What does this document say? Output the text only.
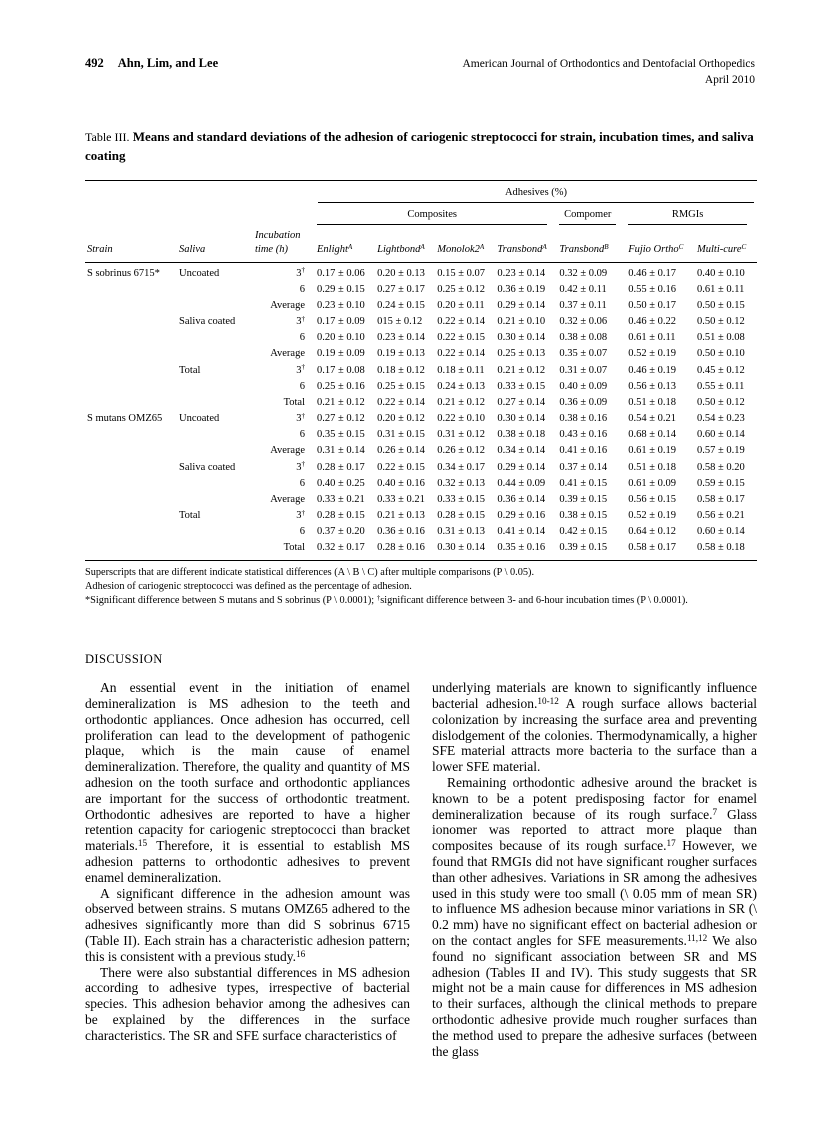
492 Ahn, Lim, and Lee	American Journal of Orthodontics and Dentofacial Orthopedics
April 2010
Table III. Means and standard deviations of the adhesion of cariogenic streptococci for strain, incubation times, and saliva coating

			Adhesives (%)						

			Composites				Compomer	RMGIs	

Strain	Saliva	Incubation time (h)	Enlight$^A$	Lightbond$^A$	$Monolok2^A$	Transbond$^A$	Transbond$^B$	Fujio Ortho$^C$	Multi-cure$^C$
S sobrinus 6715*	Uncoated	3†	0.17 ± 0.06	0.20 ± 0.13	0.15 ± 0.07	0.23 ± 0.14	0.32 ± 0.09	0.46 ± 0.17	0.40 ± 0.10
		6	0.29 ± 0.15	0.27 ± 0.17	0.25 ± 0.12	0.36 ± 0.19	0.42 ± 0.11	0.55 ± 0.16	0.61 ± 0.11
		Average	0.23 ± 0.10	0.24 ± 0.15	0.20 ± 0.11	0.29 ± 0.14	0.37 ± 0.11	0.50 ± 0.17	0.50 ± 0.15
	Saliva coated	3†	0.17 ± 0.09	015 ± 0.12	0.22 ± 0.14	0.21 ± 0.10	0.32 ± 0.06	0.46 ± 0.22	0.50 ± 0.12
		6	0.20 ± 0.10	0.23 ± 0.14	0.22 ± 0.15	0.30 ± 0.14	0.38 ± 0.08	0.61 ± 0.11	0.51 ± 0.08
		Average	0.19 ± 0.09	0.19 ± 0.13	0.22 ± 0.14	0.25 ± 0.13	0.35 ± 0.07	0.52 ± 0.19	0.50 ± 0.10
	Total	3†	0.17 ± 0.08	0.18 ± 0.12	0.18 ± 0.11	0.21 ± 0.12	0.31 ± 0.07	0.46 ± 0.19	0.45 ± 0.12
		6	0.25 ± 0.16	0.25 ± 0.15	0.24 ± 0.13	0.33 ± 0.15	0.40 ± 0.09	0.56 ± 0.13	0.55 ± 0.11
		Total	0.21 ± 0.12	0.22 ± 0.14	0.21 ± 0.12	0.27 ± 0.14	0.36 ± 0.09	0.51 ± 0.18	0.50 ± 0.12
S mutans OMZ65	Uncoated	3†	0.27 ± 0.12	0.20 ± 0.12	0.22 ± 0.10	0.30 ± 0.14	0.38 ± 0.16	0.54 ± 0.21	0.54 ± 0.23
		6	0.35 ± 0.15	0.31 ± 0.15	0.31 ± 0.12	0.38 ± 0.18	0.43 ± 0.16	0.68 ± 0.14	0.60 ± 0.14
		Average	0.31 ± 0.14	0.26 ± 0.14	0.26 ± 0.12	0.34 ± 0.14	0.41 ± 0.16	0.61 ± 0.19	0.57 ± 0.19
	Saliva coated	3†	0.28 ± 0.17	0.22 ± 0.15	0.34 ± 0.17	0.29 ± 0.14	0.37 ± 0.14	0.51 ± 0.18	0.58 ± 0.20
		6	0.40 ± 0.25	0.40 ± 0.16	0.32 ± 0.13	0.44 ± 0.09	0.41 ± 0.15	0.61 ± 0.09	0.59 ± 0.15
		Average	0.33 ± 0.21	0.33 ± 0.21	0.33 ± 0.15	0.36 ± 0.14	0.39 ± 0.15	0.56 ± 0.15	0.58 ± 0.17
	Total	3†	0.28 ± 0.15	0.21 ± 0.13	0.28 ± 0.15	0.29 ± 0.16	0.38 ± 0.15	0.52 ± 0.19	0.56 ± 0.21
		6	0.37 ± 0.20	0.36 ± 0.16	0.31 ± 0.13	0.41 ± 0.14	0.42 ± 0.15	0.64 ± 0.12	0.60 ± 0.14
		Total	0.32 ± 0.17	0.28 ± 0.16	0.30 ± 0.14	0.35 ± 0.16	0.39 ± 0.15	0.58 ± 0.17	0.58 ± 0.18
Superscripts that are different indicate statistical differences (A \ B \ C) after multiple comparisons (P \ 0.05).
Adhesion of cariogenic streptococci was defined as the percentage of adhesion.
*Significant difference between S mutans and S sobrinus (P \ 0.0001); †significant difference between 3- and 6-hour incubation times (P \ 0.0001).
DISCUSSION

An essential event in the initiation of enamel demineralization is MS adhesion to the teeth and orthodontic appliances. Once adhesion has occurred, cell proliferation can lead to the development of pathogenic plaque, which is the main cause of enamel demineralization. Therefore, the quality and quantity of MS adhesion on the tooth surface and orthodontic appliances are important for the success of orthodontic treatment. Orthodontic adhesives are reported to have a higher retention capacity for cariogenic streptococci than bracket materials.$^{15}$ Therefore, it is essential to establish MS adhesion patterns to orthodontic adhesives to prevent enamel demineralization.

A significant difference in the adhesion amount was observed between strains. S mutans OMZ65 adhered to the adhesives significantly more than did S sobrinus 6715 (Table II). Each strain has a characteristic adhesion pattern; this is consistent with a previous study.$^{16}$

There were also substantial differences in MS adhesion according to adhesive types, irrespective of bacterial species. This adhesion behavior among the adhesives can be explained by the differences in the surface characteristics. The SR and SFE surface characteristics of

underlying materials are known to significantly influence bacterial adhesion.$^{10-12}$ A rough surface allows bacterial colonization by increasing the surface area and preventing dislodgement of the colonies. Thermodynamically, a higher SFE material attracts more bacteria to the surface than a lower SFE material.

Remaining orthodontic adhesive around the bracket is known to be a potent predisposing factor for enamel demineralization because of its rough surface.$^7$ Glass ionomer was reported to attract more plaque than composites because of its rough surface.$^{17}$ However, we found that RMGIs did not have significant rougher surfaces than other adhesives. Variations in SR among the adhesives used in this study were too small (\ 0.05 mm of mean SR) to influence MS adhesion because minor variations in SR (\ 0.2 mm) have no significant effect on bacterial adhesion or on the contact angles for SFE measurements.$^{11,12}$ We also found no significant association between SR and MS adhesion (Tables II and IV). This study suggests that SR might not be a main cause for differences in MS adhesion to their surfaces, although the clinical methods to prepare orthodontic adhesive provide much rougher surfaces than the method used to prepare the adhesive surfaces (between the glass
